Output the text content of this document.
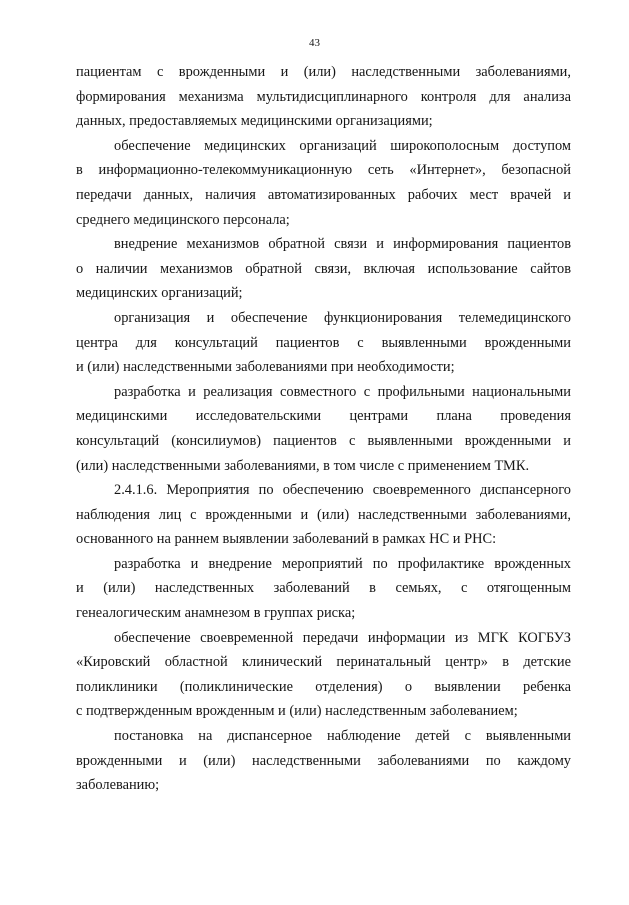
43
пациентам с врожденными и (или) наследственными заболеваниями,
формирования механизма мультидисциплинарного контроля для анализа
данных, предоставляемых медицинскими организациями;
обеспечение медицинских организаций широкополосным доступом
в информационно-телекоммуникационную сеть «Интернет», безопасной
передачи данных, наличия автоматизированных рабочих мест врачей и
среднего медицинского персонала;
внедрение механизмов обратной связи и информирования пациентов
о наличии механизмов обратной связи, включая использование сайтов
медицинских организаций;
организация и обеспечение функционирования телемедицинского
центра для консультаций пациентов с выявленными врожденными
и (или) наследственными заболеваниями при необходимости;
разработка и реализация совместного с профильными национальными
медицинскими исследовательскими центрами плана проведения
консультаций (консилиумов) пациентов с выявленными врожденными и
(или) наследственными заболеваниями, в том числе с применением ТМК.
2.4.1.6. Мероприятия по обеспечению своевременного диспансерного
наблюдения лиц с врожденными и (или) наследственными заболеваниями,
основанного на раннем выявлении заболеваний в рамках НС и РНС:
разработка и внедрение мероприятий по профилактике врожденных
и (или) наследственных заболеваний в семьях, с отягощенным
генеалогическим анамнезом в группах риска;
обеспечение своевременной передачи информации из МГК КОГБУЗ
«Кировский областной клинический перинатальный центр» в детские
поликлиники (поликлинические отделения) о выявлении ребенка
с подтвержденным врожденным и (или) наследственным заболеванием;
постановка на диспансерное наблюдение детей с выявленными
врожденными и (или) наследственными заболеваниями по каждому
заболеванию;
